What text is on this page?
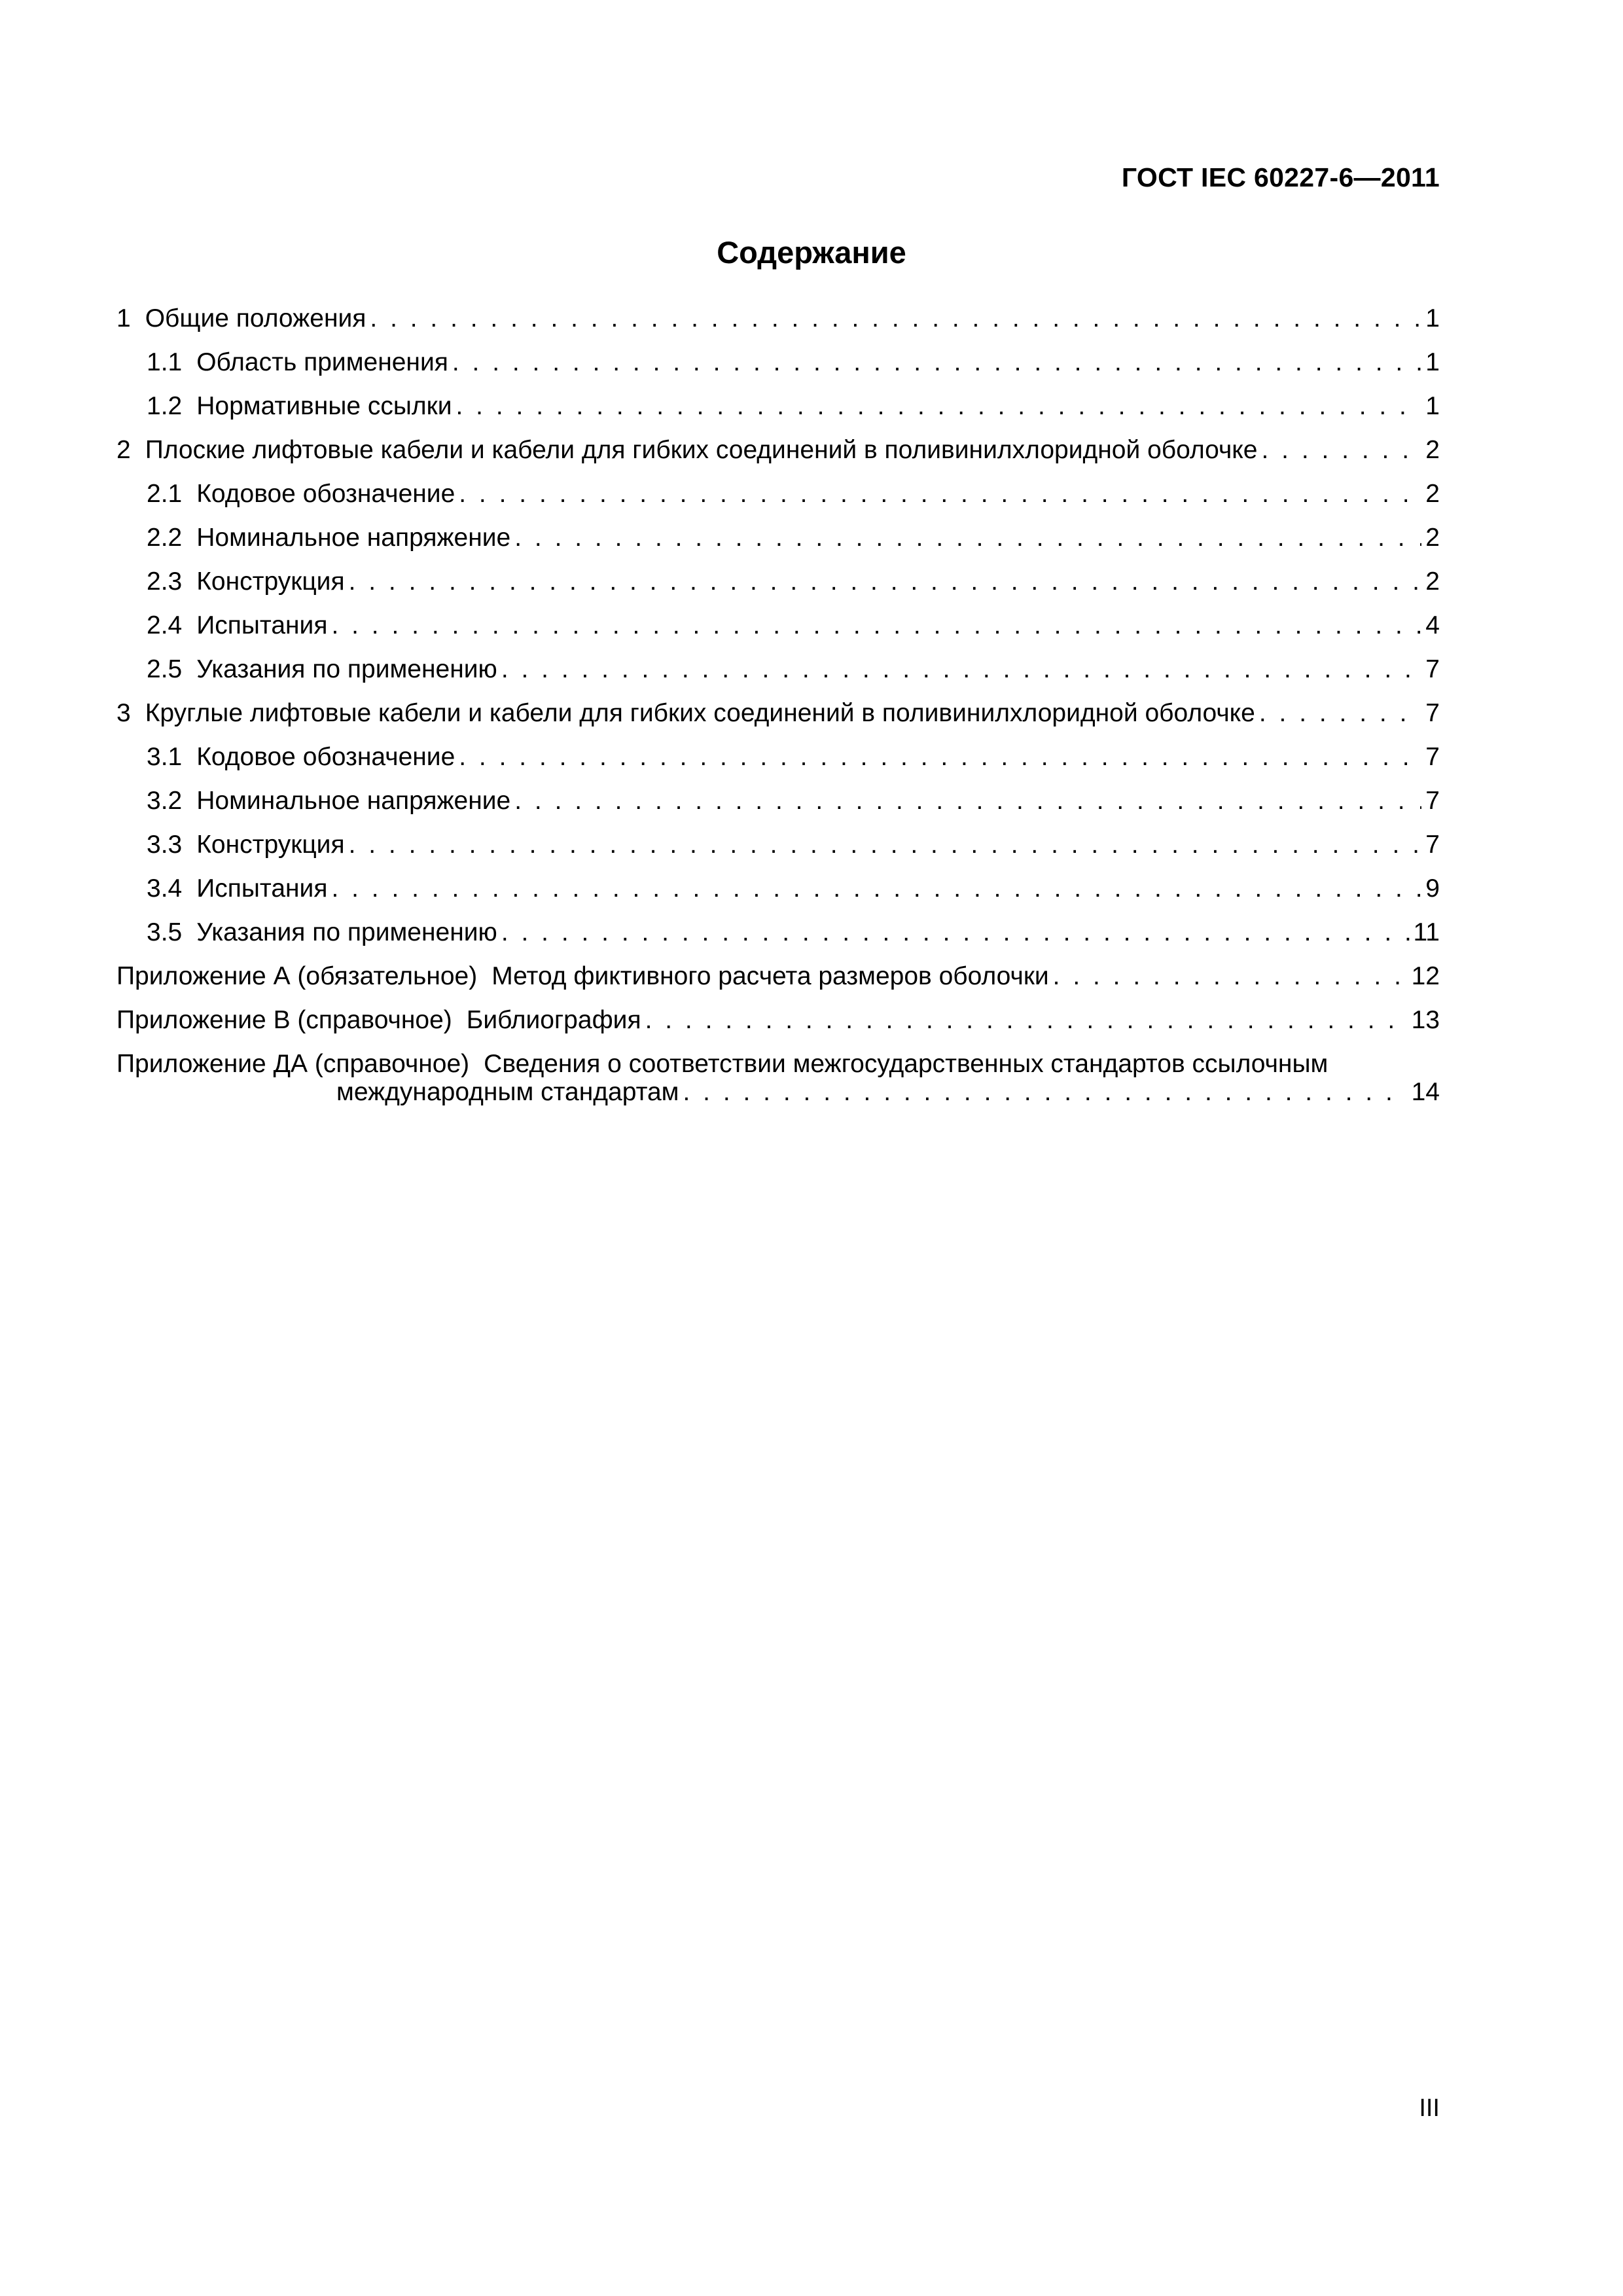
ГОСТ IEC 60227-6—2011
Содержание
1 Общие положения . . .	1
1.1 Область применения . . .	1
1.2 Нормативные ссылки . . .	1
2 Плоские лифтовые кабели и кабели для гибких соединений в поливинилхлоридной оболочке . . .	2
2.1 Кодовое обозначение . . .	2
2.2 Номинальное напряжение . . .	2
2.3 Конструкция . . .	2
2.4 Испытания . . .	4
2.5 Указания по применению . . .	7
3 Круглые лифтовые кабели и кабели для гибких соединений в поливинилхлоридной оболочке . . .	7
3.1 Кодовое обозначение . . .	7
3.2 Номинальное напряжение . . .	7
3.3 Конструкция . . .	7
3.4 Испытания . . .	9
3.5 Указания по применению . . .	11
Приложение А (обязательное) Метод фиктивного расчета размеров оболочки . . .	12
Приложение В (справочное) Библиография . . .	13
Приложение ДА (справочное) Сведения о соответствии межгосударственных стандартов ссылочным
международным стандартам . . .	14
III
